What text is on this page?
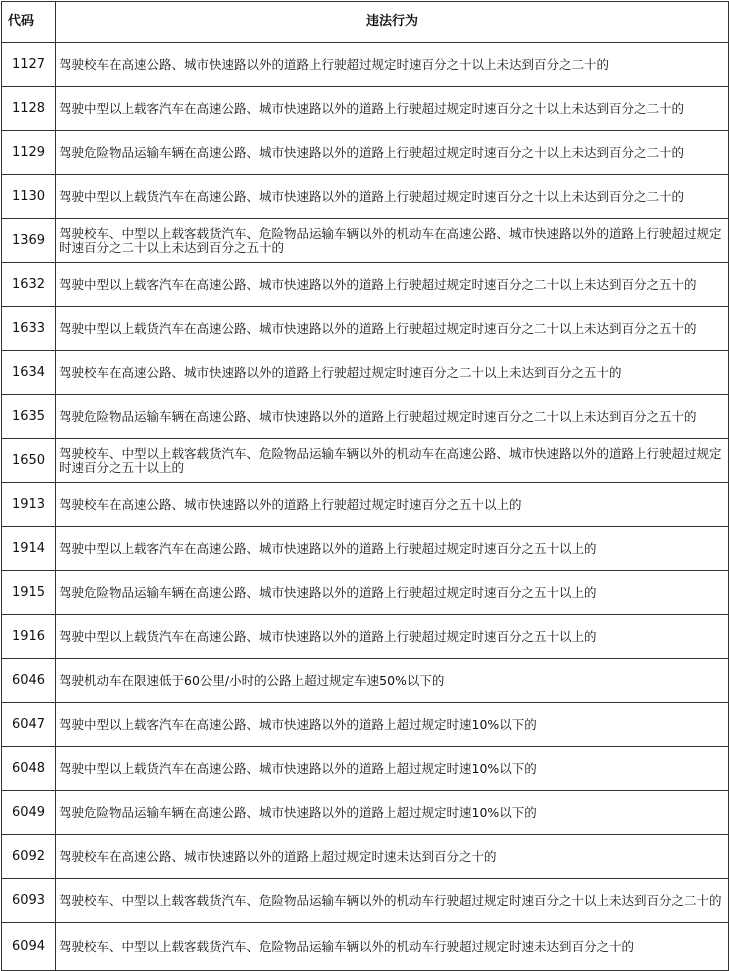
代码	违法行为
1127	驾驶校车在高速公路、城市快速路以外的道路上行驶超过规定时速百分之十以上未达到百分之二十的
1128	驾驶中型以上载客汽车在高速公路、城市快速路以外的道路上行驶超过规定时速百分之十以上未达到百分之二十的
1129	驾驶危险物品运输车辆在高速公路、城市快速路以外的道路上行驶超过规定时速百分之十以上未达到百分之二十的
1130	驾驶中型以上载货汽车在高速公路、城市快速路以外的道路上行驶超过规定时速百分之十以上未达到百分之二十的
1369	驾驶校车、中型以上载客载货汽车、危险物品运输车辆以外的机动车在高速公路、城市快速路以外的道路上行驶超过规定时速百分之二十以上未达到百分之五十的
1632	驾驶中型以上载客汽车在高速公路、城市快速路以外的道路上行驶超过规定时速百分之二十以上未达到百分之五十的
1633	驾驶中型以上载货汽车在高速公路、城市快速路以外的道路上行驶超过规定时速百分之二十以上未达到百分之五十的
1634	驾驶校车在高速公路、城市快速路以外的道路上行驶超过规定时速百分之二十以上未达到百分之五十的
1635	驾驶危险物品运输车辆在高速公路、城市快速路以外的道路上行驶超过规定时速百分之二十以上未达到百分之五十的
1650	驾驶校车、中型以上载客载货汽车、危险物品运输车辆以外的机动车在高速公路、城市快速路以外的道路上行驶超过规定时速百分之五十以上的
1913	驾驶校车在高速公路、城市快速路以外的道路上行驶超过规定时速百分之五十以上的
1914	驾驶中型以上载客汽车在高速公路、城市快速路以外的道路上行驶超过规定时速百分之五十以上的
1915	驾驶危险物品运输车辆在高速公路、城市快速路以外的道路上行驶超过规定时速百分之五十以上的
1916	驾驶中型以上载货汽车在高速公路、城市快速路以外的道路上行驶超过规定时速百分之五十以上的
6046	驾驶机动车在限速低于60公里/小时的公路上超过规定车速50%以下的
6047	驾驶中型以上载客汽车在高速公路、城市快速路以外的道路上超过规定时速10%以下的
6048	驾驶中型以上载货汽车在高速公路、城市快速路以外的道路上超过规定时速10%以下的
6049	驾驶危险物品运输车辆在高速公路、城市快速路以外的道路上超过规定时速10%以下的
6092	驾驶校车在高速公路、城市快速路以外的道路上超过规定时速未达到百分之十的
6093	驾驶校车、中型以上载客载货汽车、危险物品运输车辆以外的机动车行驶超过规定时速百分之十以上未达到百分之二十的
6094	驾驶校车、中型以上载客载货汽车、危险物品运输车辆以外的机动车行驶超过规定时速未达到百分之十的
